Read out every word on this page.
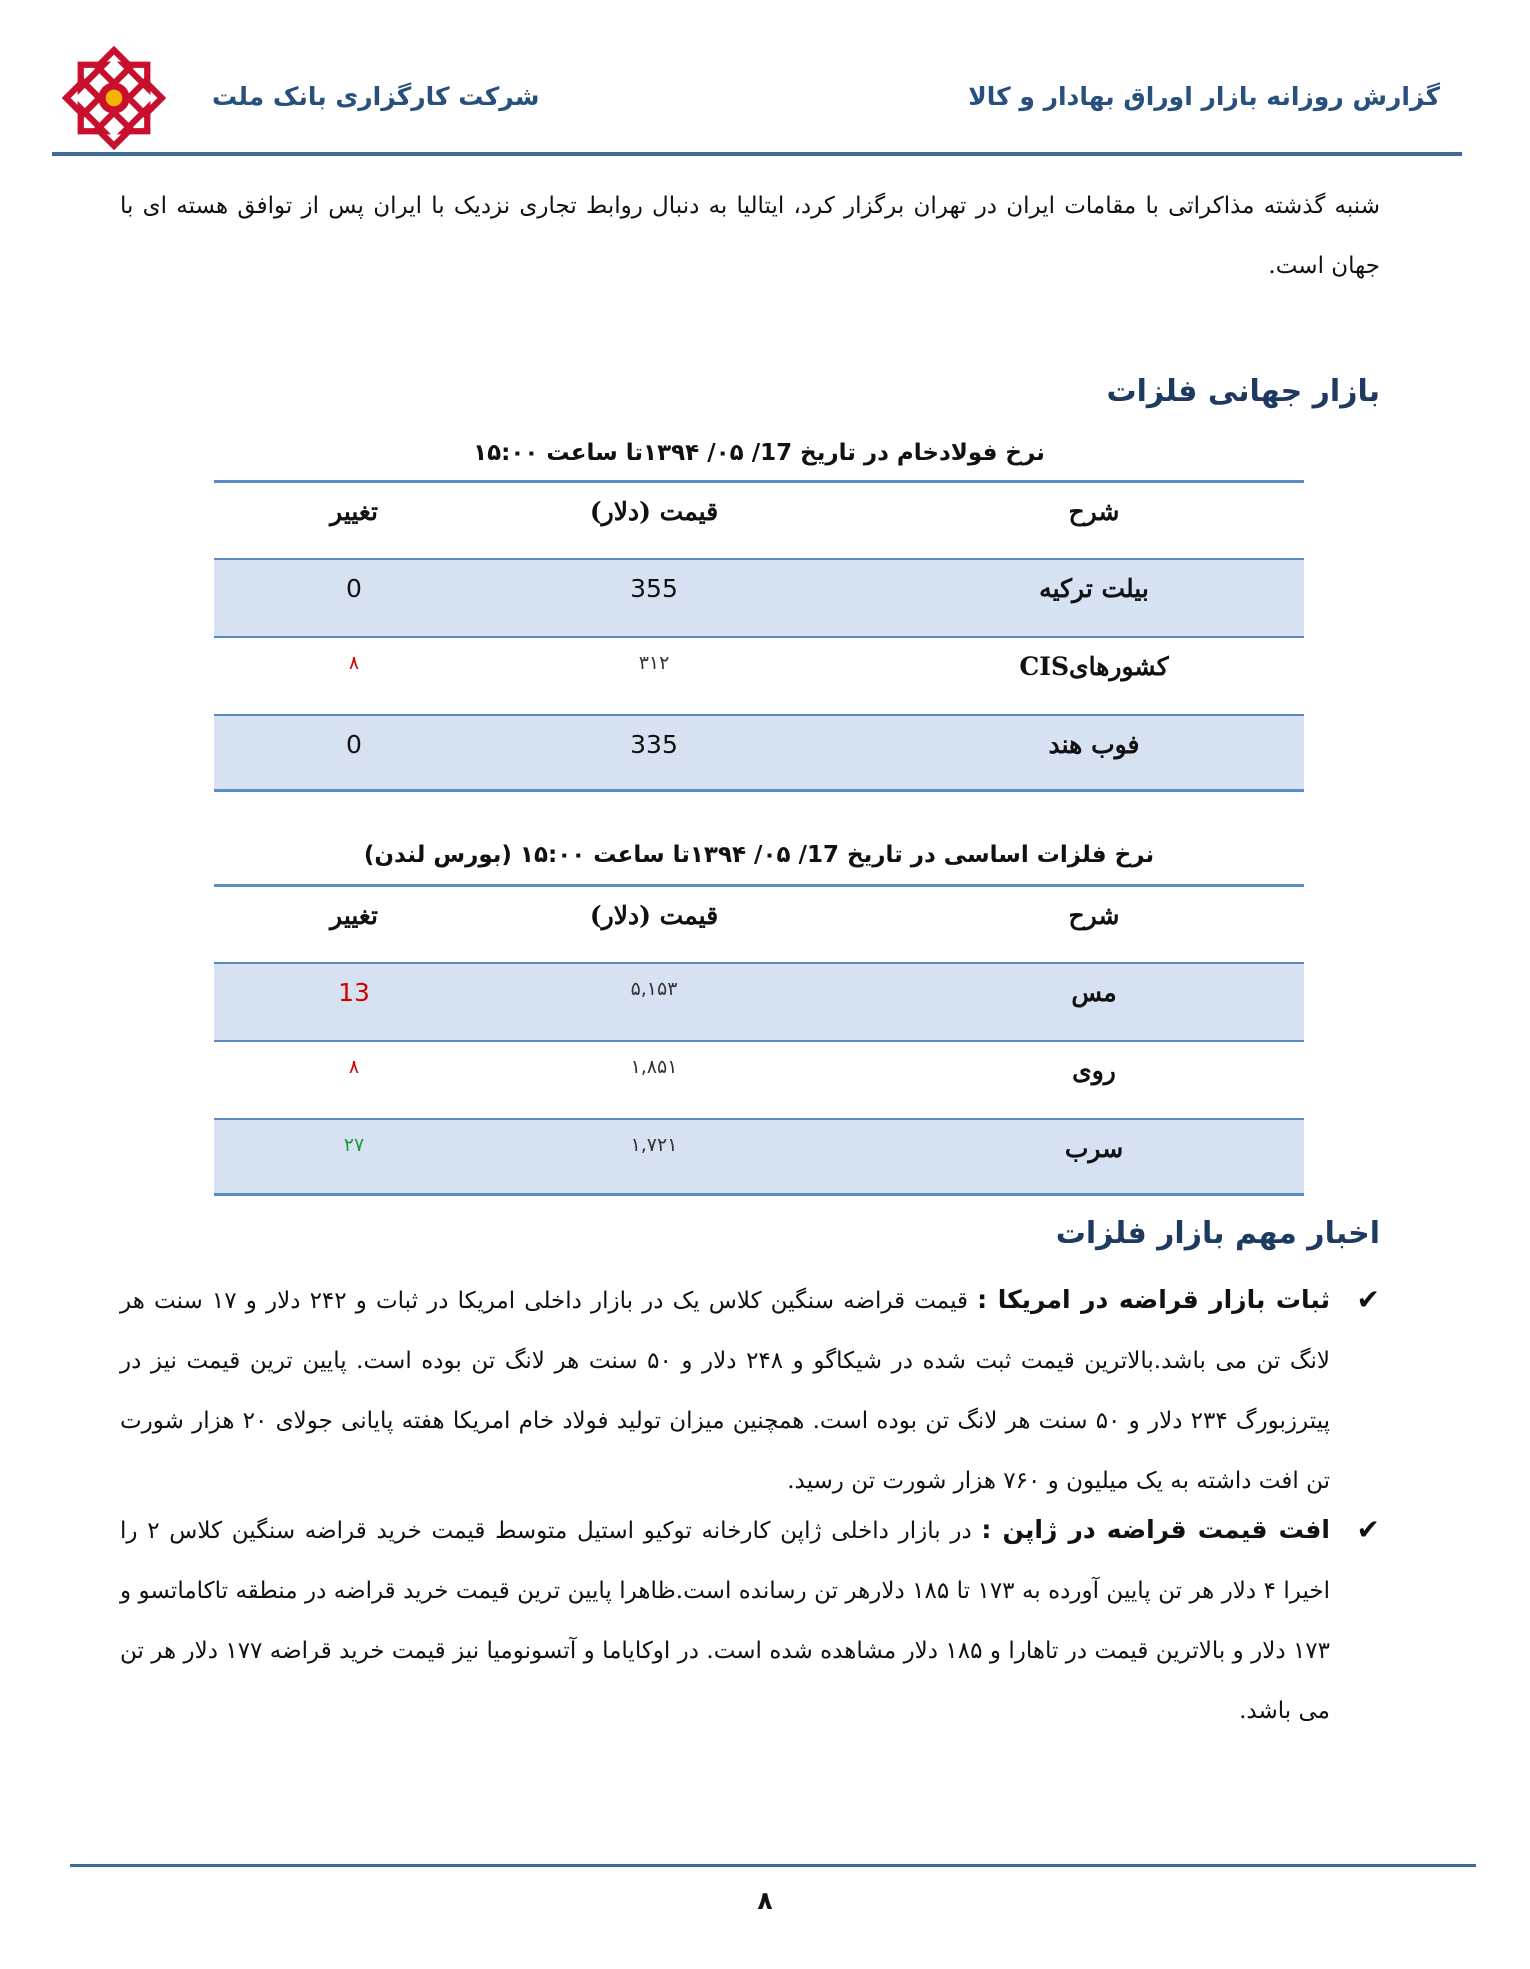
شرکت کارگزاری بانک ملت	گزارش روزانه بازار اوراق بهادار و کالا
شنبه گذشته مذاکراتی با مقامات ایران در تهران برگزار کرد، ایتالیا به دنبال روابط تجاری نزدیک با ایران پس از توافق هسته ای با جهان است.
بازار جهانی فلزات
نرخ فولادخام در تاریخ 17/ ۰۵/ ۱۳۹۴تا ساعت ۱۵:۰۰
شرح
قیمت (دلار)
تغییر
بیلت ترکیه
355
0
کشورهایCIS
۳۱۲
۸
فوب هند
335
0
نرخ فلزات اساسی در تاریخ 17/ ۰۵/ ۱۳۹۴تا ساعت ۱۵:۰۰ (بورس لندن)
شرح
قیمت (دلار)
تغییر
مس
۵,۱۵۳
13
روی
۱,۸۵۱
۸
سرب
۱,۷۲۱
۲۷
اخبار مهم بازار فلزات
✔
ثبات بازار قراضه در امریکا : قیمت قراضه سنگین کلاس یک در بازار داخلی امریکا در ثبات و ۲۴۲ دلار و ۱۷ سنت هر لانگ تن می باشد.بالاترین قیمت ثبت شده در شیکاگو و ۲۴۸ دلار و ۵۰ سنت هر لانگ تن بوده است. پایین ترین قیمت نیز در پیترزبورگ ۲۳۴ دلار و ۵۰ سنت هر لانگ تن بوده است. همچنین میزان تولید فولاد خام امریکا هفته پایانی جولای ۲۰ هزار شورت تن افت داشته به یک میلیون و ۷۶۰ هزار شورت تن رسید.
✔
افت قیمت قراضه در ژاپن : در بازار داخلی ژاپن کارخانه توکیو استیل متوسط قیمت خرید قراضه سنگین کلاس ۲ را اخیرا ۴ دلار هر تن پایین آورده به ۱۷۳ تا ۱۸۵ دلارهر تن رسانده است.ظاهرا پایین ترین قیمت خرید قراضه در منطقه تاکاماتسو و ۱۷۳ دلار و بالاترین قیمت در تاهارا و ۱۸۵ دلار مشاهده شده است. در اوکایاما و آتسونومیا نیز قیمت خرید قراضه ۱۷۷ دلار هر تن می باشد.
۸
